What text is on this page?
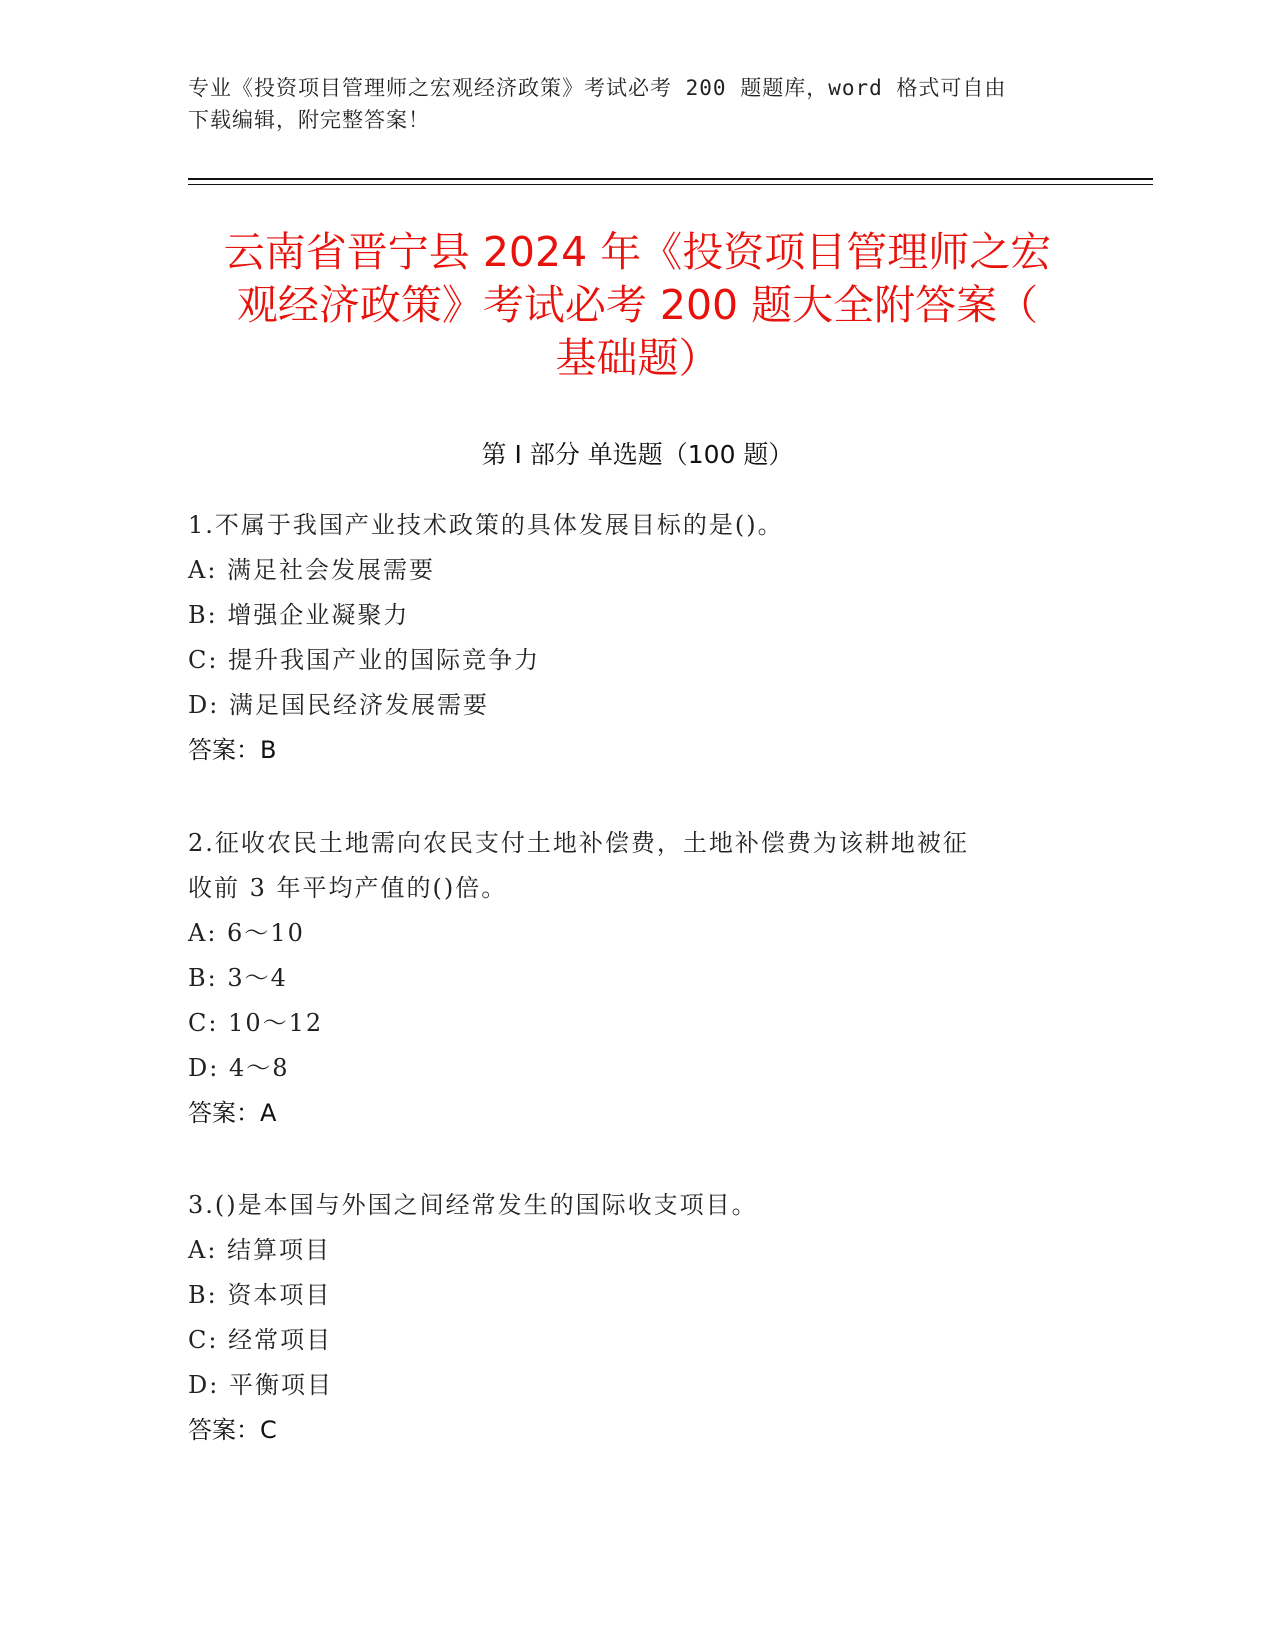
专业《投资项目管理师之宏观经济政策》考试必考 200 题题库，word 格式可自由
下载编辑，附完整答案！
云南省晋宁县 2024 年《投资项目管理师之宏
观经济政策》考试必考 200 题大全附答案（
基础题）
第 I 部分 单选题（100 题）
1.不属于我国产业技术政策的具体发展目标的是()。
A: 满足社会发展需要
B: 增强企业凝聚力
C: 提升我国产业的国际竞争力
D: 满足国民经济发展需要
答案：B
2.征收农民土地需向农民支付土地补偿费，土地补偿费为该耕地被征
收前 3 年平均产值的()倍。
A: 6～10
B: 3～4
C: 10～12
D: 4～8
答案：A
3.()是本国与外国之间经常发生的国际收支项目。
A: 结算项目
B: 资本项目
C: 经常项目
D: 平衡项目
答案：C
